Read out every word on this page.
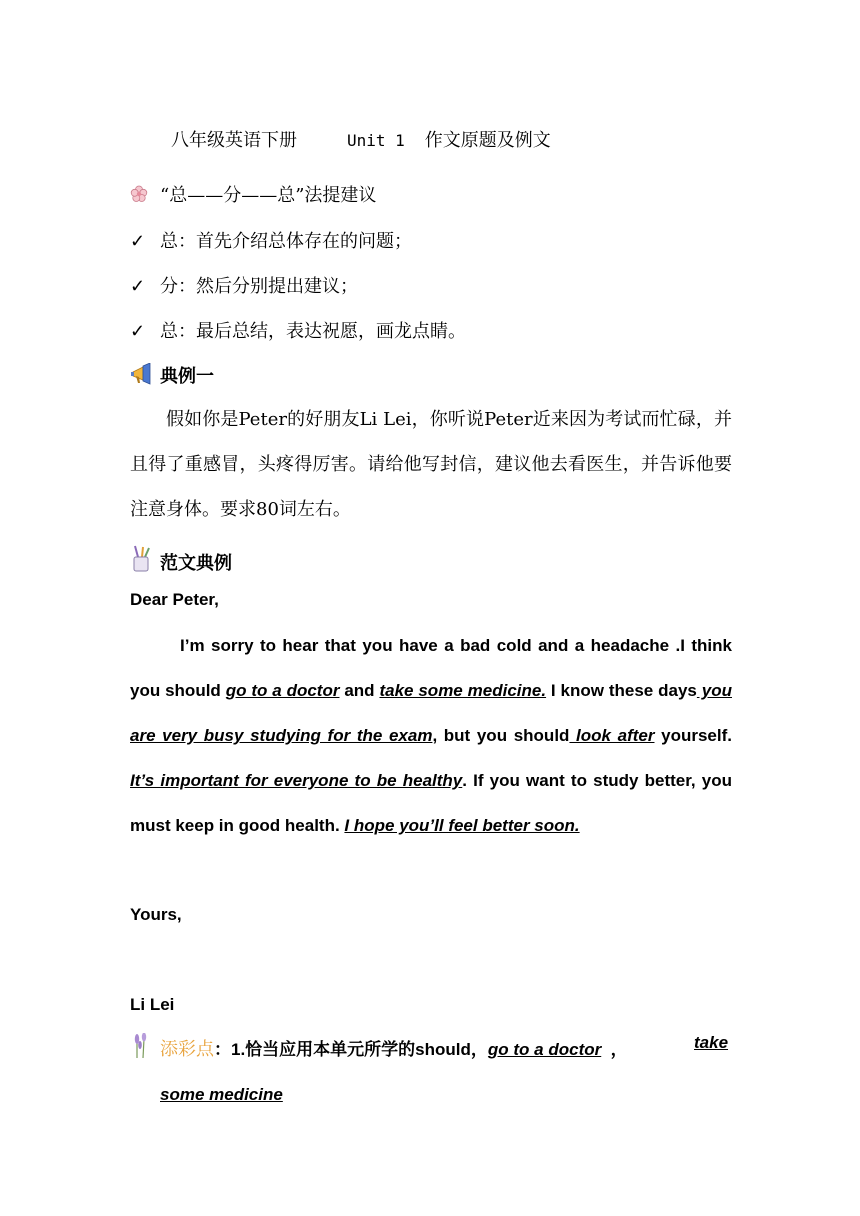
八年级英语下册	Unit 1 作文原题及例文
“总——分——总”法提建议
✓ 总：首先介绍总体存在的问题；
✓ 分：然后分别提出建议；
✓ 总：最后总结，表达祝愿，画龙点睛。
典例一
假如你是Peter的好朋友Li Lei，你听说Peter近来因为考试而忙碌，并且得了重感冒，头疼得厉害。请给他写封信，建议他去看医生，并告诉他要注意身体。要求80词左右。
范文典例
Dear Peter,
I’m sorry to hear that you have a bad cold and a headache .I think you should go to a doctor and take some medicine. I know these days you are very busy studying for the exam, but you should look after yourself. It’s important for everyone to be healthy. If you want to study better, you must keep in good health. I hope you’ll feel better soon.
Yours,
Li Lei
添彩点：1.恰当应用本单元所学的should，go to a doctor  ，	take
some medicine
